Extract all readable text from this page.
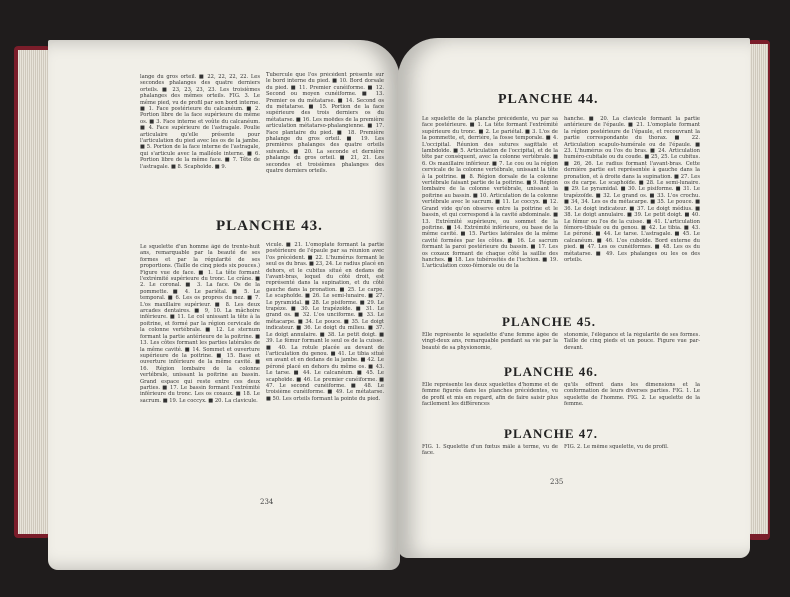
lange du gros orteil. ■ 22, 22, 22, 22. Les secondes phalanges des quatre derniers orteils. ■ 23, 23, 23, 23. Les troisièmes phalanges des mêmes orteils. FIG. 3. Le même pied, vu de profil par son bord interne. ■ 1. Face postérieure du calcanéum. ■ 2. Portion libre de la face supérieure du même os. ■ 3. Face interne et voûte du calcanéum. ■ 4. Face supérieure de l'astragale. Poulie articulaire qu'elle présente pour l'articulation du pied avec les os de la jambe. ■ 5. Portion de la face interne de l'astragale, qui s'articule avec la malléole interne. ■ 6. Portion libre de la même face. ■ 7. Tête de l'astragale. ■ 8. Scaphoïde. ■ 9.
Tubercule que l'os précédent présente sur le bord interne du pied. ■ 10. Bord dorsale du pied. ■ 11. Premier cunéiforme. ■ 12. Second ou moyen cunéiforme. ■ 13. Premier os du métatarse. ■ 14. Second os du métatarse. ■ 15. Portion de la face supérieure des trois derniers os du métatarse. ■ 16. Les moëdes de la première articulation métatarso-phalangienne. ■ 17. Face plantaire du pied. ■ 18. Première phalange du gros orteil. ■ 19. Les premières phalanges des quatre orteils suivants. ■ 20. La seconde et dernière phalange du gros orteil. ■ 21, 21. Les secondes et troisièmes phalanges des quatre derniers orteils.
PLANCHE 43.
Le squelette d'un homme âgé de trente-huit ans, remarquable par la beauté de ses formes et par la régularité de ses proportions. (Taille de cinq pieds six pouces.) Figure vue de face. ■ 1. La tête formant l'extrémité supérieure du tronc. Le crâne. ■ 2. Le coronal. ■ 3. La face. Os de la pommette. ■ 4. Le pariétal. ■ 5. Le temporal. ■ 6. Les os propres du nez. ■ 7. L'os maxillaire supérieur. ■ 8. Les deux arcades dentaires. ■ 9, 10. La mâchoire inférieure. ■ 11. Le col unissant la tête à la poitrine, et formé par la région cervicale de la colonne vertébrale. ■ 12. Le sternum formant la partie antérieure de la poitrine. ■ 13. Les côtes formant les parties latérales de la même cavité. ■ 14. Sommet et ouverture supérieure de la poitrine. ■ 15. Base et ouverture inférieure de la même cavité. ■ 16. Région lombaire de la colonne vertébrale, unissant la poitrine au bassin. Grand espace qui reste entre ces deux parties. ■ 17. Le bassin formant l'extrémité inférieure du tronc. Les os coxaux. ■ 18. Le sacrum. ■ 19. Le coccyx. ■ 20. La clavicule.
vicule. ■ 21. L'omoplate formant la partie postérieure de l'épaule par sa réunion avec l'os précédent. ■ 22. L'humérus formant le seul os du bras. ■ 23, 24. Le radius placé en dehors, et le cubitus situé en dedans de l'avant-bras, lequel du côté droit, est représenté dans la supination, et du côté gauche dans la pronation. ■ 25. Le carpe. Le scaphoïde. ■ 26. Le semi-lunaire. ■ 27. Le pyramidal. ■ 28. Le pisiforme. ■ 29. Le trapèze. ■ 30. Le trapézoïde. ■ 31. Le grand os. ■ 32. L'os unciforme. ■ 33. Le métacarpe. ■ 34. Le pouce. ■ 35. Le doigt indicateur. ■ 36. Le doigt du milieu. ■ 37. Le doigt annulaire. ■ 38. Le petit doigt. ■ 39. Le fémur formant le seul os de la cuisse. ■ 40. La rotule placée au devant de l'articulation du genou. ■ 41. Le tibia situé en avant et en dedans de la jambe. ■ 42. Le péroné placé en dehors du même os. ■ 43. Le tarse. ■ 44. Le calcanéum. ■ 45. Le scaphoïde. ■ 46. Le premier cunéiforme. ■ 47. Le second cunéiforme. ■ 48. Le troisième cunéiforme. ■ 49. Le métatarse. ■ 50. Les orteils formant la pointe du pied.
234
PLANCHE 44.
Le squelette de la planche précédente, vu par sa face postérieure. ■ 1. La tête formant l'extrémité supérieure du tronc. ■ 2. Le pariétal. ■ 3. L'os de la pommette, et, derrière, la fosse temporale. ■ 4. L'occipital. Réunion des sutures sagittale et lambdoïde. ■ 5. Articulation de l'occipital, et de la tête par conséquent, avec la colonne vertébrale. ■ 6. Os maxillaire inférieur. ■ 7. Le cou ou la région cervicale de la colonne vertébrale, unissant la tête à la poitrine. ■ 8. Région dorsale de la colonne vertébrale faisant partie de la poitrine. ■ 9. Région lombaire de la colonne vertébrale, unissant la poitrine au bassin. ■ 10. Articulation de la colonne vertébrale avec le sacrum. ■ 11. Le coccyx. ■ 12. Grand vide qu'on observe entre la poitrine et le bassin, et qui correspond à la cavité abdominale. ■ 13. Extrémité supérieure, ou sommet de la poitrine. ■ 14. Extrémité inférieure, ou base de la même cavité. ■ 15. Parties latérales de la même cavité formées par les côtes. ■ 16. Le sacrum formant la paroi postérieure du bassin. ■ 17. Les os coxaux formant de chaque côté la saillie des hanches. ■ 18. Les tubérosités de l'ischion. ■ 19. L'articulation coxo-fémorale ou de la
hanche. ■ 20. La clavicule formant la partie antérieure de l'épaule. ■ 21. L'omoplate formant la région postérieure de l'épaule, et recouvrant la partie correspondante du thorax. ■ 22. Articulation scapulo-humérale ou de l'épaule. ■ 23. L'humérus ou l'os du bras. ■ 24. Articulation huméro-cubitale ou du coude. ■ 25, 25. Le cubitus. ■ 26, 26. Le radius formant l'avant-bras. Cette dernière partie est représentée à gauche dans la pronation, et à droite dans la supination. ■ 27. Les os du carpe. Le scaphoïde. ■ 28. Le semi-lunaire. ■ 29. Le pyramidal. ■ 30. Le pisiforme. ■ 31. Le trapézoïde. ■ 32. Le grand os. ■ 33. L'os crochu. ■ 34, 34. Les os du métacarpe. ■ 35. Le pouce. ■ 36. Le doigt indicateur. ■ 37. Le doigt médius. ■ 38. Le doigt annulaire. ■ 39. Le petit doigt. ■ 40. Le fémur ou l'os de la cuisse. ■ 41. L'articulation fémoro-tibiale ou du genou. ■ 42. Le tibia. ■ 43. Le péroné. ■ 44. Le tarse. L'astragale. ■ 45. Le calcanéum. ■ 46. L'os cuboïde. Bord externe du pied. ■ 47. Les os cunéiformes. ■ 48. Les os du métatarse. ■ 49. Les phalanges ou les os des orteils.
PLANCHE 45.
Elle représente le squelette d'une femme âgée de vingt-deux ans, remarquable pendant sa vie par la beauté de sa physionomie,
stonomie, l'élégance et la régularité de ses formes. Taille de cinq pieds et un pouce. Figure vue par-devant.
PLANCHE 46.
Elle représente les deux squelettes d'homme et de femme figurés dans les planches précédentes, vu de profil et mis en regard, afin de faire saisir plus facilement les différences
qu'ils offrent dans les dimensions et la conformation de leurs diverses parties. FIG. 1. Le squelette de l'homme. FIG. 2. Le squelette de la femme.
PLANCHE 47.
FIG. 1. Squelette d'un fœtus mâle à terme, vu de face.
FIG. 2. Le même squelette, vu de profil.
235
